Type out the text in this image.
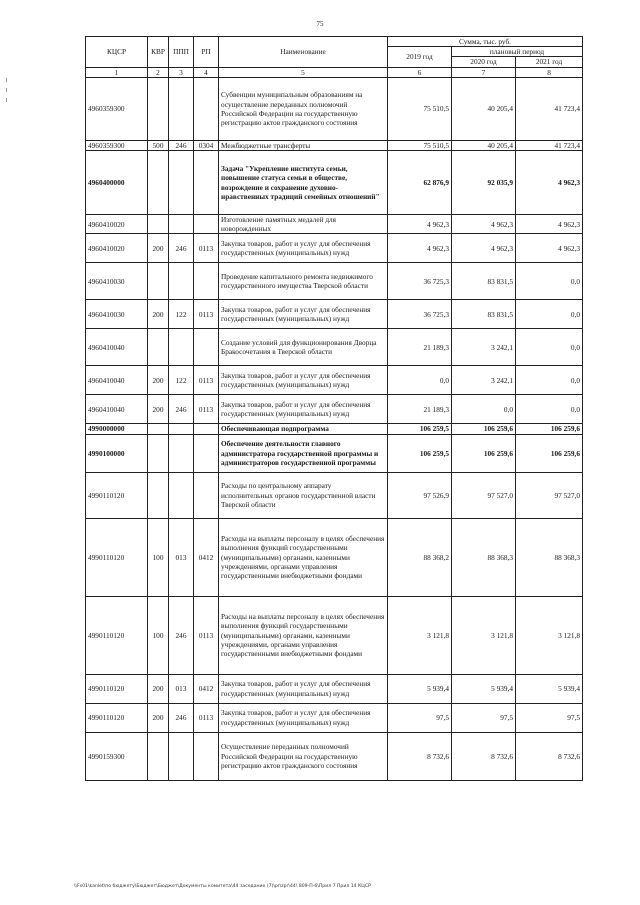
75
КЦСР	КВР	ППП	РП	Наименование	Сумма, тыс. руб.		
					2019 год	плановый период	
						2020 год	2021 год
1	2	3	4	5	6	7	8
4960359300				Субвенции муниципальным образованиям на осуществление переданных полномочий Российской Федерации на государственную регистрацию актов гражданского состояния	75 510,5	40 205,4	41 723,4
4960359300	500	246	0304	Межбюджетные трансферты	75 510,5	40 205,4	41 723,4
4960400000				Задача "Укрепление института семьи, повышение статуса семьи в обществе, возрождение и сохранение духовно-нравственных традиций семейных отношений"	62 876,9	92 035,9	4 962,3
4960410020				Изготовление памятных медалей для новорожденных	4 962,3	4 962,3	4 962,3
4960410020	200	246	0113	Закупка товаров, работ и услуг для обеспечения государственных (муниципальных) нужд	4 962,3	4 962,3	4 962,3
4960410030				Проведение капитального ремонта недвижимого государственного имущества Тверской области	36 725,3	83 831,5	0,0
4960410030	200	122	0113	Закупка товаров, работ и услуг для обеспечения государственных (муниципальных) нужд	36 725,3	83 831,5	0,0
4960410040				Создание условий для функционирования Дворца Бракосочетания в Тверской области	21 189,3	3 242,1	0,0
4960410040	200	122	0113	Закупка товаров, работ и услуг для обеспечения государственных (муниципальных) нужд	0,0	3 242,1	0,0
4960410040	200	246	0113	Закупка товаров, работ и услуг для обеспечения государственных (муниципальных) нужд	21 189,3	0,0	0,0
4990000000				Обеспечивающая подпрограмма	106 259,5	106 259,6	106 259,6
4990100000				Обеспечение деятельности главного администратора государственной программы и администраторов государственной программы	106 259,5	106 259,6	106 259,6
4990110120				Расходы по центральному аппарату исполнительных органов государственной власти Тверской области	97 526,9	97 527,0	97 527,0
4990110120	100	013	0412	Расходы на выплаты персоналу в целях обеспечения выполнения функций государственными (муниципальными) органами, казенными учреждениями, органами управления государственными внебюджетными фондами	88 368,2	88 368,3	88 368,3
4990110120	100	246	0113	Расходы на выплаты персоналу в целях обеспечения выполнения функций государственными (муниципальными) органами, казенными учреждениями, органами управления государственными внебюджетными фондами	3 121,8	3 121,8	3 121,8
4990110120	200	013	0412	Закупка товаров, работ и услуг для обеспечения государственных (муниципальных) нужд	5 939,4	5 939,4	5 939,4
4990110120	200	246	0113	Закупка товаров, работ и услуг для обеспечения государственных (муниципальных) нужд	97,5	97,5	97,5
4990159300				Осуществление переданных полномочий Российской Федерации на государственную регистрацию актов гражданского состояния	8 732,6	8 732,6	8 732,6
\\Fs01\kanlet\по бюджету\Бюджет\Бюджет\Документы комитета\44 заседание (7)\pr\zpr\44\ 809-П-6\Прил 7 Прил 14 КЦСР
